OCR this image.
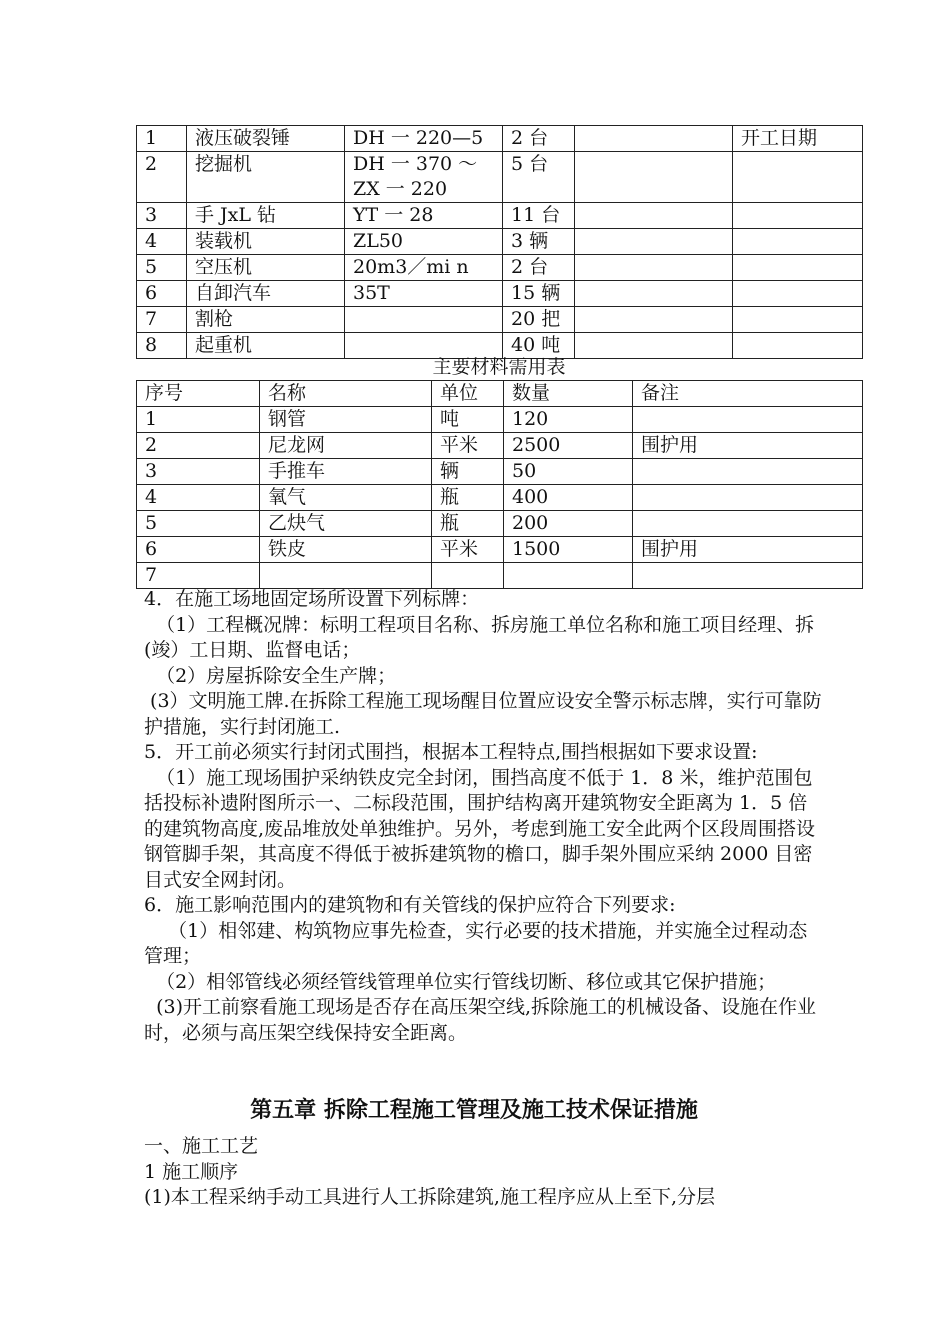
1	液压破裂锤	DH 一 220—5	2 台		开工日期
2	挖掘机	DH 一 370 ～ ZX 一 220	5 台		
3	手 JxL 钻	YT 一 28	11 台		
4	装载机	ZL50	3 辆		
5	空压机	20m3／mi n	2 台		
6	自卸汽车	35T	15 辆		
7	割枪		20 把		
8	起重机		40 吨		
主要材料需用表
序号	名称	单位	数量	备注
1	钢管	吨	120	
2	尼龙网	平米	2500	围护用
3	手推车	辆	50	
4	氧气	瓶	400	
5	乙炔气	瓶	200	
6	铁皮	平米	1500	围护用
7				

4．在施工场地固定场所设置下列标牌：

（1）工程概况牌：标明工程项目名称、拆房施工单位名称和施工项目经理、拆(竣）工日期、监督电话；

（2）房屋拆除安全生产牌；

(3）文明施工牌.在拆除工程施工现场醒目位置应设安全警示标志牌，实行可靠防护措施，实行封闭施工.

5．开工前必须实行封闭式围挡，根据本工程特点,围挡根据如下要求设置:

（1）施工现场围护采纳铁皮完全封闭，围挡高度不低于 1．8 米，维护范围包括投标补遗附图所示一、二标段范围，围护结构离开建筑物安全距离为 1．5 倍的建筑物高度,废品堆放处单独维护。另外，考虑到施工安全此两个区段周围搭设钢管脚手架，其高度不得低于被拆建筑物的檐口，脚手架外围应采纳 2000 目密目式安全网封闭。

6．施工影响范围内的建筑物和有关管线的保护应符合下列要求:

（1）相邻建、构筑物应事先检查，实行必要的技术措施，并实施全过程动态管理；

（2）相邻管线必须经管线管理单位实行管线切断、移位或其它保护措施；

(3)开工前察看施工现场是否存在高压架空线,拆除施工的机械设备、设施在作业时，必须与高压架空线保持安全距离。

第五章 拆除工程施工管理及施工技术保证措施

一、施工工艺

1 施工顺序

(1)本工程采纳手动工具进行人工拆除建筑,施工程序应从上至下,分层
